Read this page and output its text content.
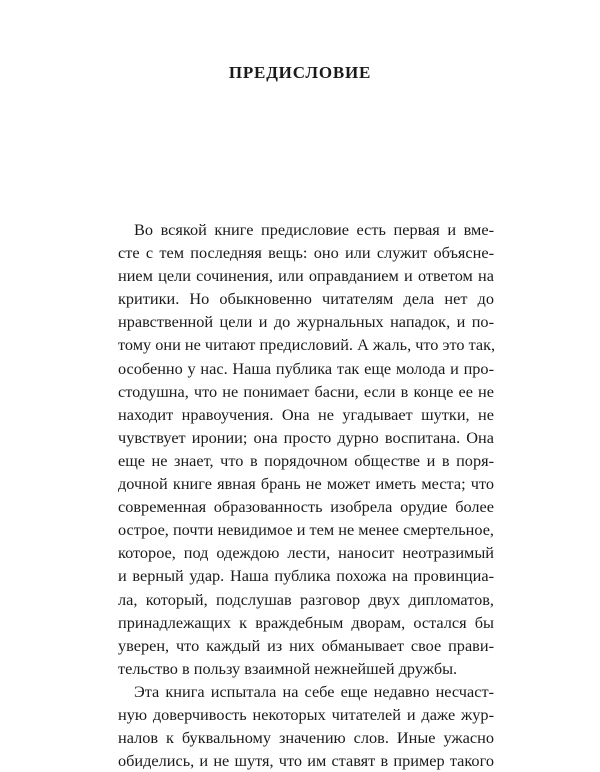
ПРЕДИСЛОВИЕ
Во всякой книге предисловие есть первая и вме-
сте с тем последняя вещь: оно или служит объясне-
нием цели сочинения, или оправданием и ответом на
критики. Но обыкновенно читателям дела нет до
нравственной цели и до журнальных нападок, и по-
тому они не читают предисловий. А жаль, что это так,
особенно у нас. Наша публика так еще молода и про-
стодушна, что не понимает басни, если в конце ее не
находит нравоучения. Она не угадывает шутки, не
чувствует иронии; она просто дурно воспитана. Она
еще не знает, что в порядочном обществе и в поря-
дочной книге явная брань не может иметь места; что
современная образованность изобрела орудие более
острое, почти невидимое и тем не менее смертельное,
которое, под одеждою лести, наносит неотразимый
и верный удар. Наша публика похожа на провинциа-
ла, который, подслушав разговор двух дипломатов,
принадлежащих к враждебным дворам, остался бы
уверен, что каждый из них обманывает свое прави-
тельство в пользу взаимной нежнейшей дружбы.
Эта книга испытала на себе еще недавно несчаст-
ную доверчивость некоторых читателей и даже жур-
налов к буквальному значению слов. Иные ужасно
обиделись, и не шутя, что им ставят в пример такого
